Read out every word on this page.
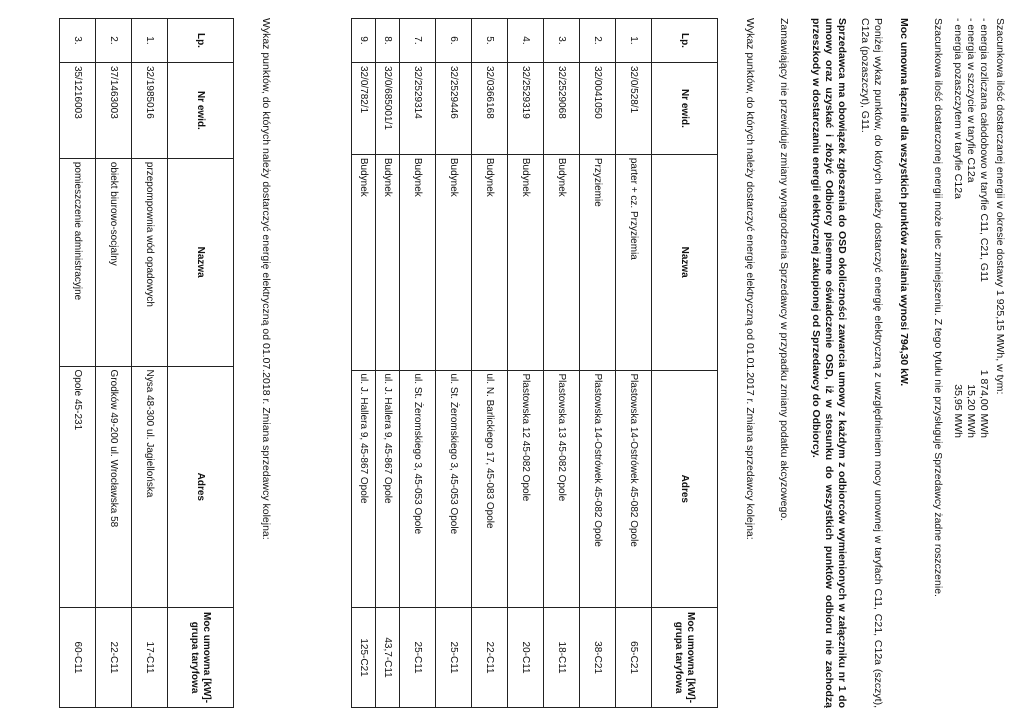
Szacunkowa ilość dostarczanej energii w okresie dostawy 1 925,15 MWh, w tym:

- energia rozliczana całodobowo w taryfie C11, C21, G11
1 874,00 MWh
- energia w szczycie w taryfie C12a
15,20 MWh
- energia pozaszczytem w taryfie C12a
35,95 MWh

Szacunkowa ilość dostarczonej energii może ulec zmniejszeniu. Z tego tytułu nie przysługuje Sprzedawcy żadne roszczenie.

Moc umowna łącznie dla wszystkich punktów zasilania wynosi 794,30 kW.

Poniżej wykaz punktów, do których należy dostarczyć energię elektryczną z uwzględnieniem mocy umownej w taryfach C11, C21, C12a (szczyt), C12a (pozaszczyt), G11.

Sprzedawca ma obowiązek zgłoszenia do OSD okoliczności zawarcia umowy z każdym z odbiorców wymienionych w załączniku nr 1 do umowy oraz uzyskać i złożyć Odbiorcy pisemne oświadczenie OSD, iż w stosunku do wszystkich punktów odbioru nie zachodzą przeszkody w dostarczaniu energii elektrycznej zakupionej od Sprzedawcy do Odbiorcy.

Zamawiający nie przewiduje zmiany wynagrodzenia Sprzedawcy w przypadku zmiany podatku akcyzowego.

Wykaz punktów, do których należy dostarczyć energię elektryczną od 01.01.2017 r. Zmiana sprzedawcy kolejna:

Lp.	Nr ewid.	Nazwa	Adres	Moc umowna [kW]-grupa taryfowa
1.	32/0/528/1	parter + cz. Przyziemia	Plastowska 14-Ostrówek 45-082 Opole	65-C21
2.	32/0041050	Przyziemie	Plastowska 14-Ostrówek 45-082 Opole	38-C21
3.	32/2529068	Budynek	Plastowska 13 45-082 Opole	18-C11
4.	32/2529319	Budynek	Plastowska 12 45-082 Opole	20-C11
5.	32/0366168	Budynek	ul. N. Barlickiego 17, 45-083 Opole	22-C11
6.	32/2529446	Budynek	ul. St. Żeromskiego 3, 45-053 Opole	25-C11
7.	32/2529314	Budynek	ul. St. Żeromskiego 3, 45-053 Opole	25-C11
8.	32/0/685001/1	Budynek	ul. J. Hallera 9, 45-867 Opole	43,7-C11
9.	32/0/782/1	Budynek	ul. J. Hallera 9, 45-867 Opole	125-C21

Wykaz punktów, do których należy dostarczyć energię elektryczną od 01.07.2018 r. Zmiana sprzedawcy kolejna:

Lp.	Nr ewid.	Nazwa	Adres	Moc umowna [kW]-grupa taryfowa
1.	32/1985016	przepompownia wód opadowych	Nysa 48-300 ul. Jagiellońska	17-C11
2.	37/1463003	obiekt biurowo-socjalny	Grodków 49-200 ul. Wrocławska 58	22-C11
3.	35/1216003	pomieszczenie administracyjne	Opole 45-231	60-C11
